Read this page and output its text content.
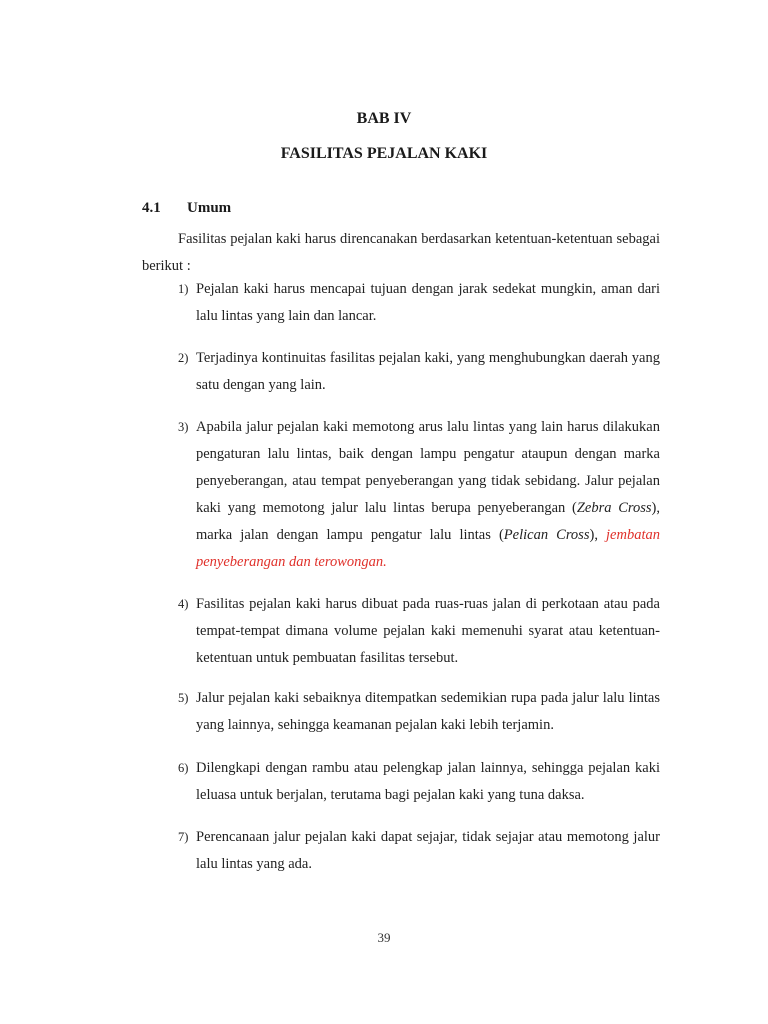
BAB IV
FASILITAS PEJALAN KAKI
4.1 Umum

Fasilitas pejalan kaki harus direncanakan berdasarkan ketentuan-ketentuan sebagai berikut :

1) Pejalan kaki harus mencapai tujuan dengan jarak sedekat mungkin, aman dari lalu lintas yang lain dan lancar.
2) Terjadinya kontinuitas fasilitas pejalan kaki, yang menghubungkan daerah yang satu dengan yang lain.
3) Apabila jalur pejalan kaki memotong arus lalu lintas yang lain harus dilakukan pengaturan lalu lintas, baik dengan lampu pengatur ataupun dengan marka penyeberangan, atau tempat penyeberangan yang tidak sebidang. Jalur pejalan kaki yang memotong jalur lalu lintas berupa penyeberangan (Zebra Cross), marka jalan dengan lampu pengatur lalu lintas (Pelican Cross), jembatan penyeberangan dan terowongan.
4) Fasilitas pejalan kaki harus dibuat pada ruas-ruas jalan di perkotaan atau pada tempat-tempat dimana volume pejalan kaki memenuhi syarat atau ketentuan- ketentuan untuk pembuatan fasilitas tersebut.
5) Jalur pejalan kaki sebaiknya ditempatkan sedemikian rupa pada jalur lalu lintas yang lainnya, sehingga keamanan pejalan kaki lebih terjamin.
6) Dilengkapi dengan rambu atau pelengkap jalan lainnya, sehingga pejalan kaki leluasa untuk berjalan, terutama bagi pejalan kaki yang tuna daksa.
7) Perencanaan jalur pejalan kaki dapat sejajar, tidak sejajar atau memotong jalur lalu lintas yang ada.
39
